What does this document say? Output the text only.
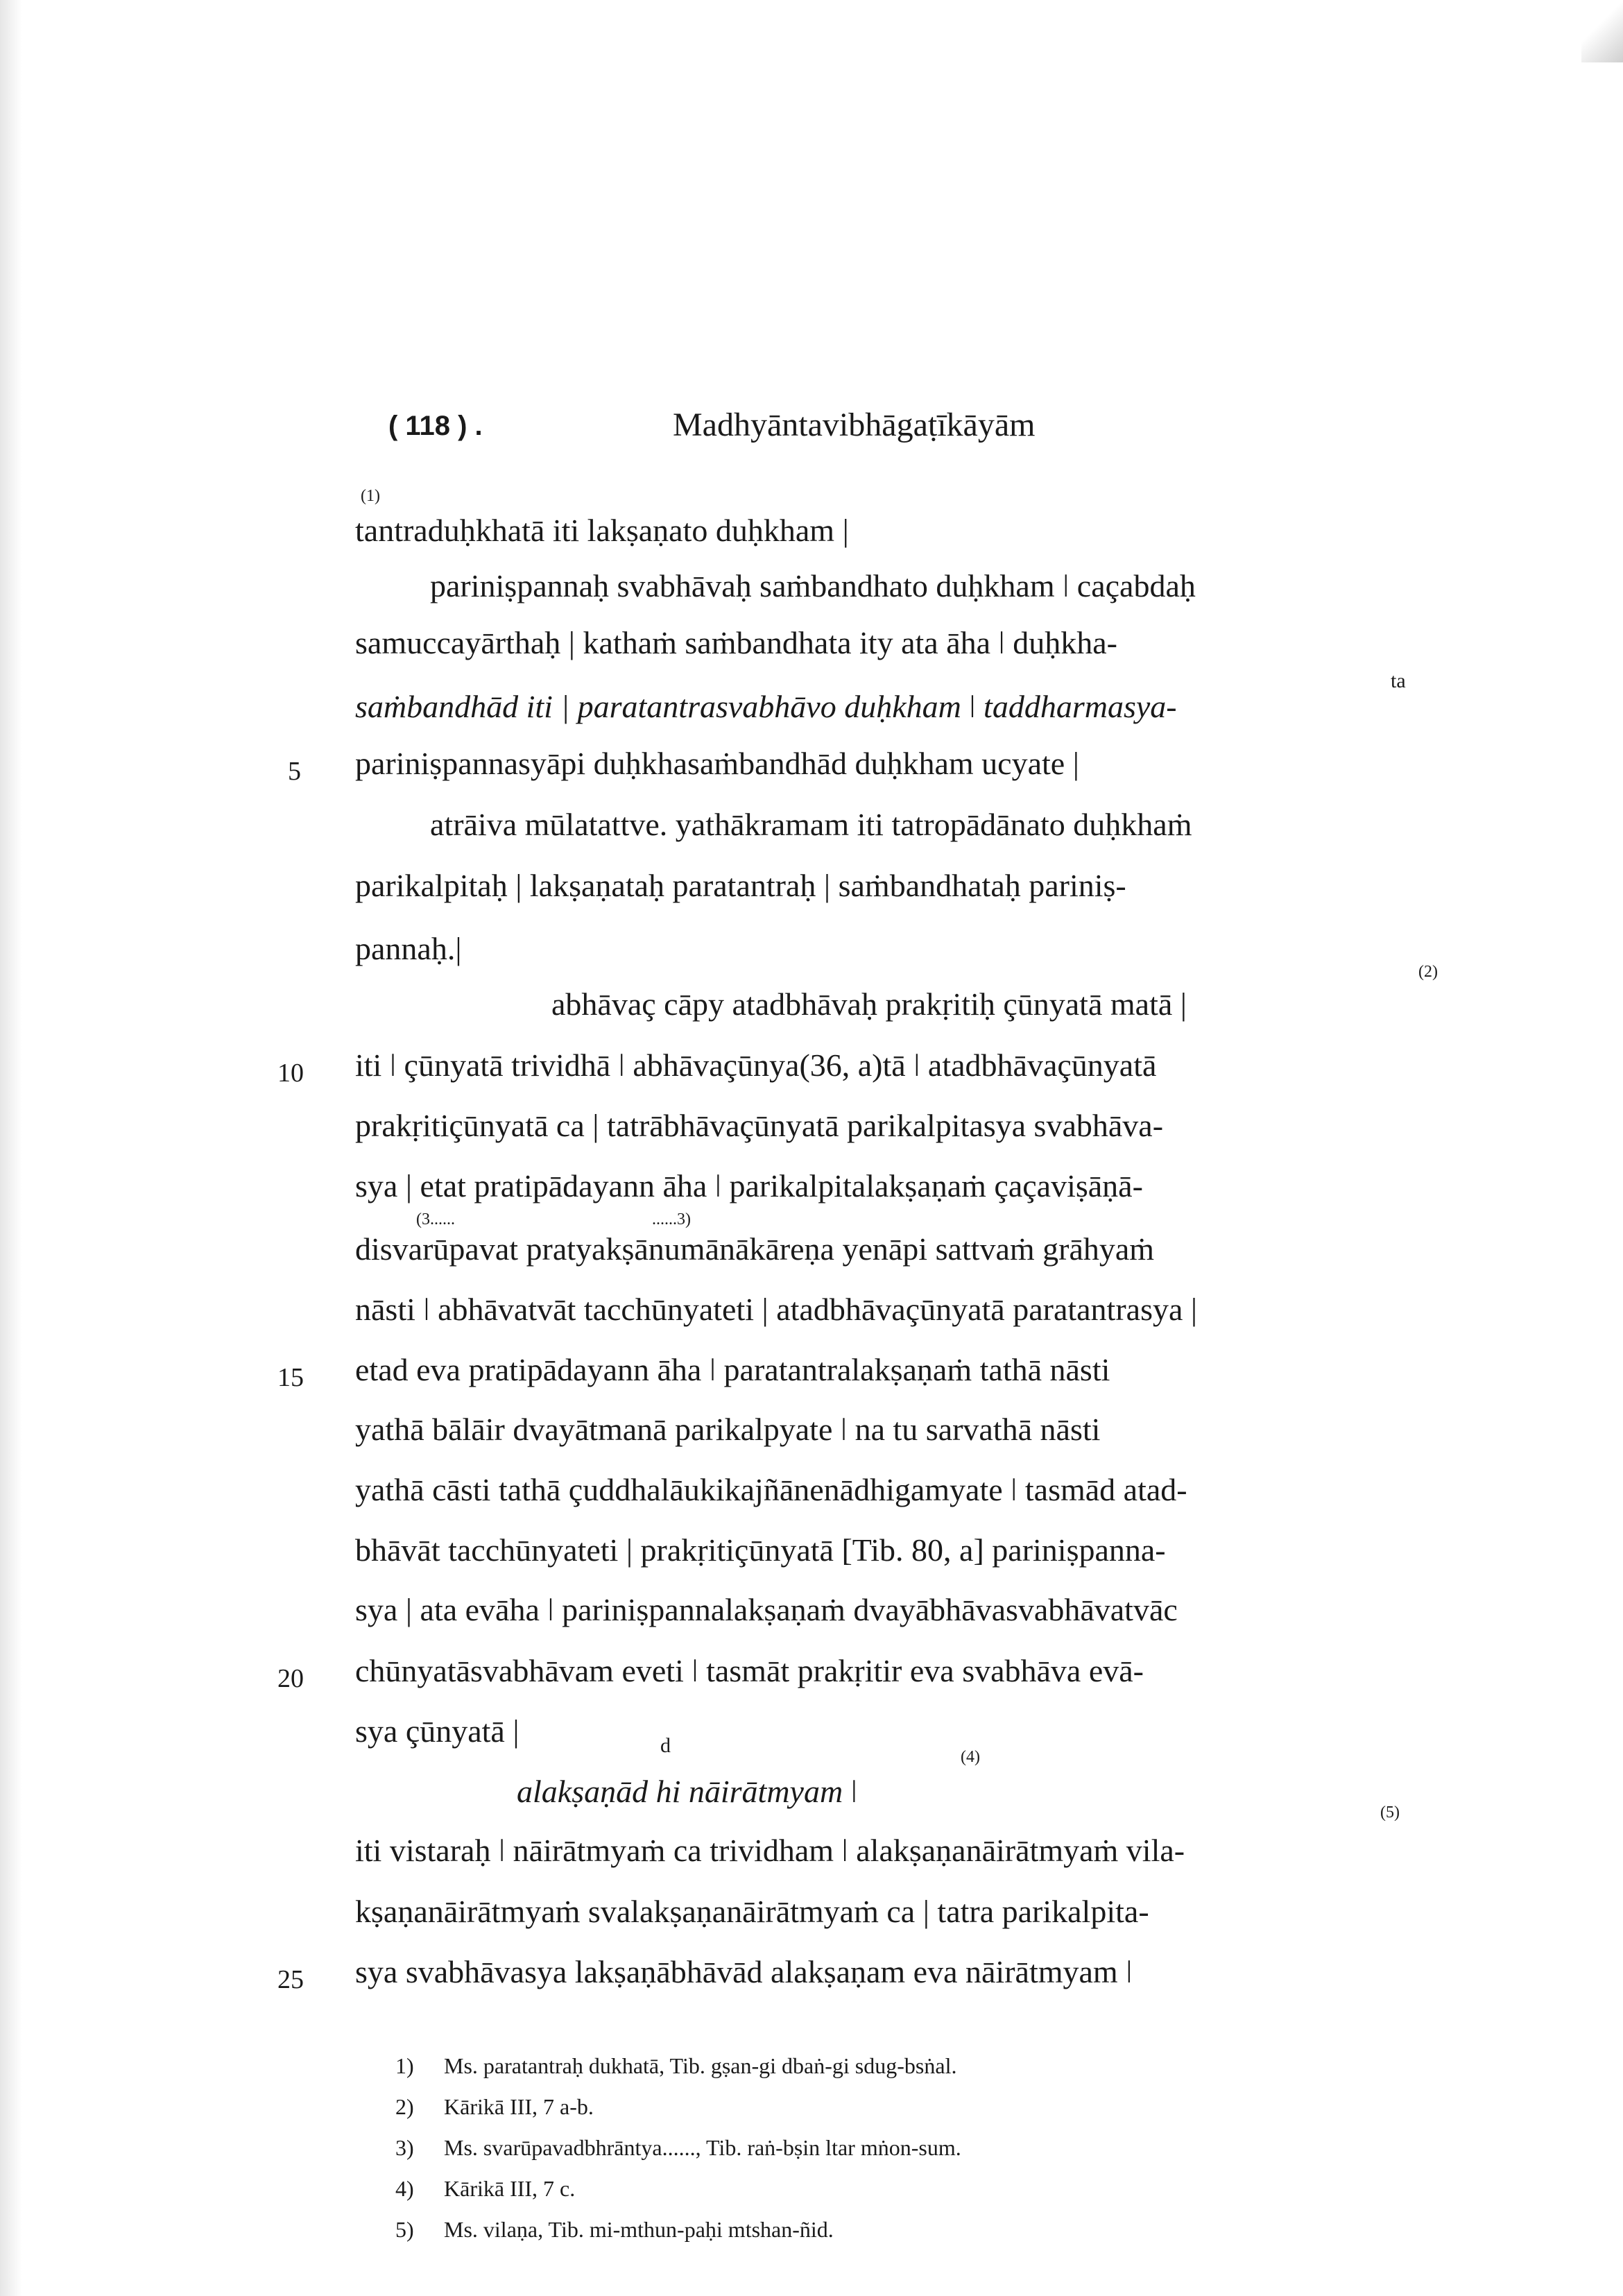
( 118 ) .	Madhyāntavibhāgaṭīkāyām
(1)
(2)
(3......	......3)
(4)
(5)
ta
d
tantraduḥkhatā iti lakṣaṇato duḥkham |
pariniṣpannaḥ svabhāvaḥ saṁbandhato duḥkham ǀ caçabdaḥ
samuccayārthaḥ | kathaṁ saṁbandhata ity ata āha ǀ duḥkha-
saṁbandhād iti | paratantrasvabhāvo duḥkham ǀ taddharmasya-
pariniṣpannasyāpi duḥkhasaṁbandhād duḥkham ucyate |
atrāiva mūlatattve. yathākramam iti tatropādānato duḥkhaṁ
parikalpitaḥ | lakṣaṇataḥ paratantraḥ | saṁbandhataḥ pariniṣ-
pannaḥ.|
abhāvaç cāpy atadbhāvaḥ prakṛitiḥ çūnyatā matā |
iti ǀ çūnyatā trividhā ǀ abhāvaçūnya(36, a)tā ǀ atadbhāvaçūnyatā
prakṛitiçūnyatā ca | tatrābhāvaçūnyatā parikalpitasya svabhāva-
sya | etat pratipādayann āha ǀ parikalpitalakṣaṇaṁ çaçaviṣāṇā-
disvarūpavat pratyakṣānumānākāreṇa yenāpi sattvaṁ grāhyaṁ
nāsti ǀ abhāvatvāt tacchūnyateti | atadbhāvaçūnyatā paratantrasya |
etad eva pratipādayann āha ǀ paratantralakṣaṇaṁ tathā nāsti
yathā bālāir dvayātmanā parikalpyate ǀ na tu sarvathā nāsti
yathā cāsti tathā çuddhalāukikajñānenādhigamyate ǀ tasmād atad-
bhāvāt tacchūnyateti | prakṛitiçūnyatā [Tib. 80, a] pariniṣpanna-
sya | ata evāha ǀ pariniṣpannalakṣaṇaṁ dvayābhāvasvabhāvatvāc
chūnyatāsvabhāvam eveti ǀ tasmāt prakṛitir eva svabhāva evā-
sya çūnyatā |
alakṣaṇād hi nāirātmyam ǀ
iti vistaraḥ ǀ nāirātmyaṁ ca trividham ǀ alakṣaṇanāirātmyaṁ vila-
kṣaṇanāirātmyaṁ svalakṣaṇanāirātmyaṁ ca | tatra parikalpita-
sya svabhāvasya lakṣaṇābhāvād alakṣaṇam eva nāirātmyam ǀ
5
10
15
20
25
1) Ms. paratantraḥ dukhatā, Tib. gṣan-gi dbaṅ-gi sdug-bsṅal.
2) Kārikā III, 7 a-b.
3) Ms. svarūpavadbhrāntya......, Tib. raṅ-bṣin ltar mṅon-sum.
4) Kārikā III, 7 c.
5) Ms. vilaṇa, Tib. mi-mthun-paḥi mtshan-ñid.
